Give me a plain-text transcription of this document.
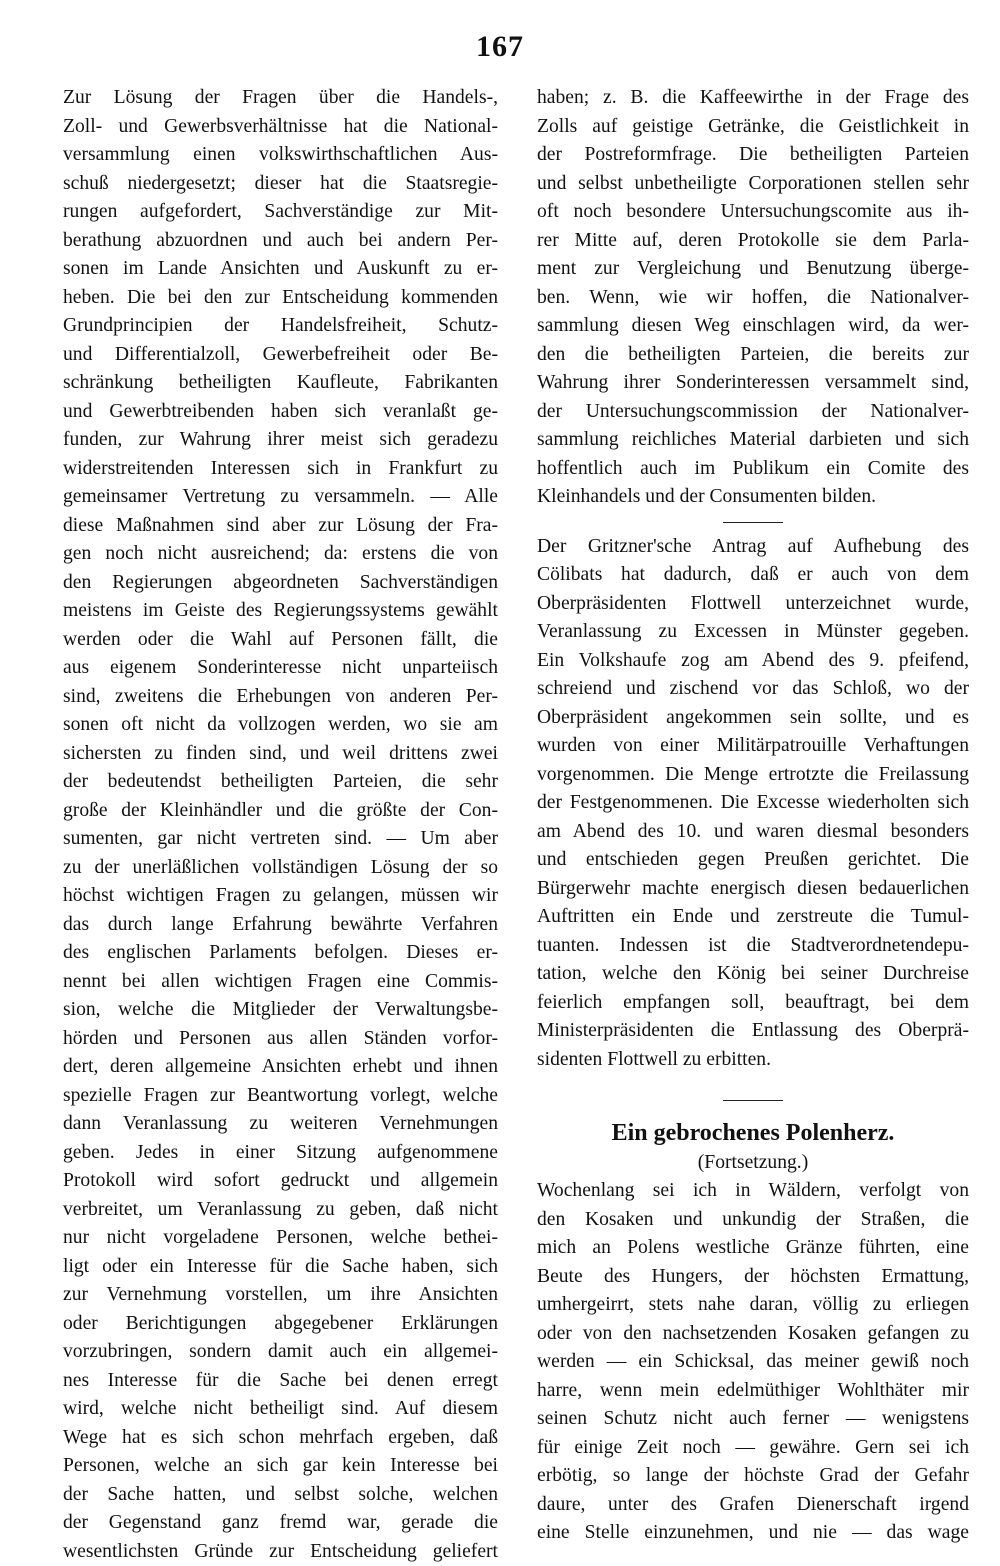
167
Zur Lösung der Fragen über die Handels-,
Zoll- und Gewerbsverhältnisse hat die National-
versammlung einen volkswirthschaftlichen Aus-
schuß niedergesetzt; dieser hat die Staatsregie-
rungen aufgefordert, Sachverständige zur Mit-
berathung abzuordnen und auch bei andern Per-
sonen im Lande Ansichten und Auskunft zu er-
heben. Die bei den zur Entscheidung kommenden
Grundprincipien der Handelsfreiheit, Schutz-
und Differentialzoll, Gewerbefreiheit oder Be-
schränkung betheiligten Kaufleute, Fabrikanten
und Gewerbtreibenden haben sich veranlaßt ge-
funden, zur Wahrung ihrer meist sich geradezu
widerstreitenden Interessen sich in Frankfurt zu
gemeinsamer Vertretung zu versammeln. — Alle
diese Maßnahmen sind aber zur Lösung der Fra-
gen noch nicht ausreichend; da: erstens die von
den Regierungen abgeordneten Sachverständigen
meistens im Geiste des Regierungssystems gewählt
werden oder die Wahl auf Personen fällt, die
aus eigenem Sonderinteresse nicht unparteiisch
sind, zweitens die Erhebungen von anderen Per-
sonen oft nicht da vollzogen werden, wo sie am
sichersten zu finden sind, und weil drittens zwei
der bedeutendst betheiligten Parteien, die sehr
große der Kleinhändler und die größte der Con-
sumenten, gar nicht vertreten sind. — Um aber
zu der unerläßlichen vollständigen Lösung der so
höchst wichtigen Fragen zu gelangen, müssen wir
das durch lange Erfahrung bewährte Verfahren
des englischen Parlaments befolgen. Dieses er-
nennt bei allen wichtigen Fragen eine Commis-
sion, welche die Mitglieder der Verwaltungsbe-
hörden und Personen aus allen Ständen vorfor-
dert, deren allgemeine Ansichten erhebt und ihnen
spezielle Fragen zur Beantwortung vorlegt, welche
dann Veranlassung zu weiteren Vernehmungen
geben. Jedes in einer Sitzung aufgenommene
Protokoll wird sofort gedruckt und allgemein
verbreitet, um Veranlassung zu geben, daß nicht
nur nicht vorgeladene Personen, welche bethei-
ligt oder ein Interesse für die Sache haben, sich
zur Vernehmung vorstellen, um ihre Ansichten
oder Berichtigungen abgegebener Erklärungen
vorzubringen, sondern damit auch ein allgemei-
nes Interesse für die Sache bei denen erregt
wird, welche nicht betheiligt sind. Auf diesem
Wege hat es sich schon mehrfach ergeben, daß
Personen, welche an sich gar kein Interesse bei
der Sache hatten, und selbst solche, welchen
der Gegenstand ganz fremd war, gerade die
wesentlichsten Gründe zur Entscheidung geliefert
haben; z. B. die Kaffeewirthe in der Frage des
Zolls auf geistige Getränke, die Geistlichkeit in
der Postreformfrage. Die betheiligten Parteien
und selbst unbetheiligte Corporationen stellen sehr
oft noch besondere Untersuchungscomite aus ih-
rer Mitte auf, deren Protokolle sie dem Parla-
ment zur Vergleichung und Benutzung überge-
ben. Wenn, wie wir hoffen, die Nationalver-
sammlung diesen Weg einschlagen wird, da wer-
den die betheiligten Parteien, die bereits zur
Wahrung ihrer Sonderinteressen versammelt sind,
der Untersuchungscommission der Nationalver-
sammlung reichliches Material darbieten und sich
hoffentlich auch im Publikum ein Comite des
Kleinhandels und der Consumenten bilden.
Der Gritzner'sche Antrag auf Aufhebung des
Cölibats hat dadurch, daß er auch von dem
Oberpräsidenten Flottwell unterzeichnet wurde,
Veranlassung zu Excessen in Münster gegeben.
Ein Volkshaufe zog am Abend des 9. pfeifend,
schreiend und zischend vor das Schloß, wo der
Oberpräsident angekommen sein sollte, und es
wurden von einer Militärpatrouille Verhaftungen
vorgenommen. Die Menge ertrotzte die Freilassung
der Festgenommenen. Die Excesse wiederholten sich
am Abend des 10. und waren diesmal besonders
und entschieden gegen Preußen gerichtet. Die
Bürgerwehr machte energisch diesen bedauerlichen
Auftritten ein Ende und zerstreute die Tumul-
tuanten. Indessen ist die Stadtverordnetendepu-
tation, welche den König bei seiner Durchreise
feierlich empfangen soll, beauftragt, bei dem
Ministerpräsidenten die Entlassung des Oberprä-
sidenten Flottwell zu erbitten.
Ein gebrochenes Polenherz.
(Fortsetzung.)
Wochenlang sei ich in Wäldern, verfolgt von
den Kosaken und unkundig der Straßen, die
mich an Polens westliche Gränze führten, eine
Beute des Hungers, der höchsten Ermattung,
umhergeirrt, stets nahe daran, völlig zu erliegen
oder von den nachsetzenden Kosaken gefangen zu
werden — ein Schicksal, das meiner gewiß noch
harre, wenn mein edelmüthiger Wohlthäter mir
seinen Schutz nicht auch ferner — wenigstens
für einige Zeit noch — gewähre. Gern sei ich
erbötig, so lange der höchste Grad der Gefahr
daure, unter des Grafen Dienerschaft irgend
eine Stelle einzunehmen, und nie — das wage
